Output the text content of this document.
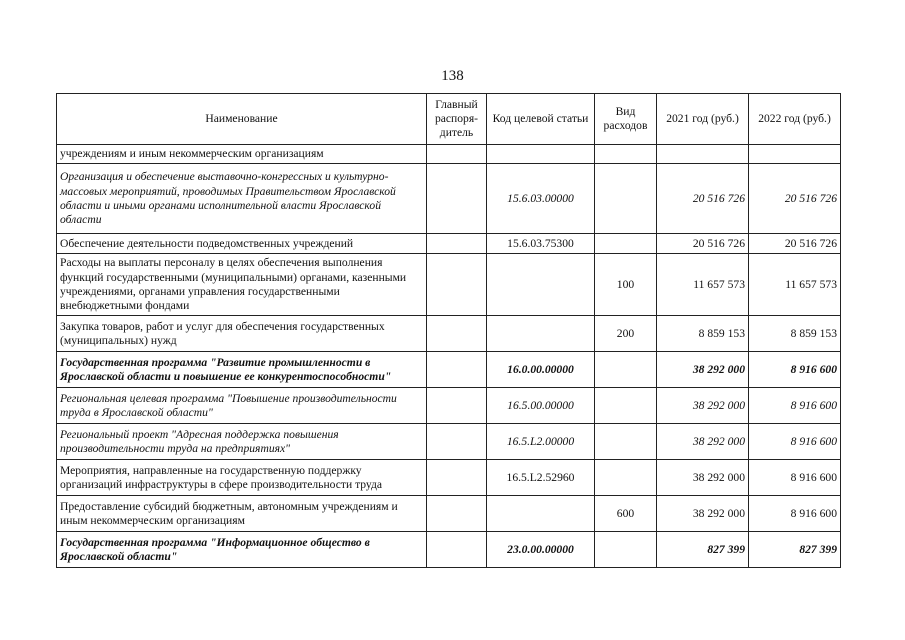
138
Наименование	Главный распоря-дитель	Код целевой статьи	Вид расходов	2021 год (руб.)	2022 год (руб.)
учреждениям и иным некоммерческим организациям					
Организация и обеспечение выставочно-конгрессных и культурно-массовых мероприятий, проводимых Правительством Ярославской области и иными органами исполнительной власти Ярославской области		15.6.03.00000		20 516 726	20 516 726
Обеспечение деятельности подведомственных учреждений		15.6.03.75300		20 516 726	20 516 726
Расходы на выплаты персоналу в целях обеспечения выполнения функций государственными (муниципальными) органами, казенными учреждениями, органами управления государственными внебюджетными фондами			100	11 657 573	11 657 573
Закупка товаров, работ и услуг для обеспечения государственных (муниципальных) нужд			200	8 859 153	8 859 153
Государственная программа "Развитие промышленности в Ярославской области и повышение ее конкурентоспособности"		16.0.00.00000		38 292 000	8 916 600
Региональная целевая программа "Повышение производительности труда в Ярославской области"		16.5.00.00000		38 292 000	8 916 600
Региональный проект "Адресная поддержка повышения производительности труда на предприятиях"		16.5.L2.00000		38 292 000	8 916 600
Мероприятия, направленные на государственную поддержку организаций инфраструктуры в сфере производительности труда		16.5.L2.52960		38 292 000	8 916 600
Предоставление субсидий бюджетным, автономным учреждениям и иным некоммерческим организациям			600	38 292 000	8 916 600
Государственная программа "Информационное общество в Ярославской области"		23.0.00.00000		827 399	827 399
